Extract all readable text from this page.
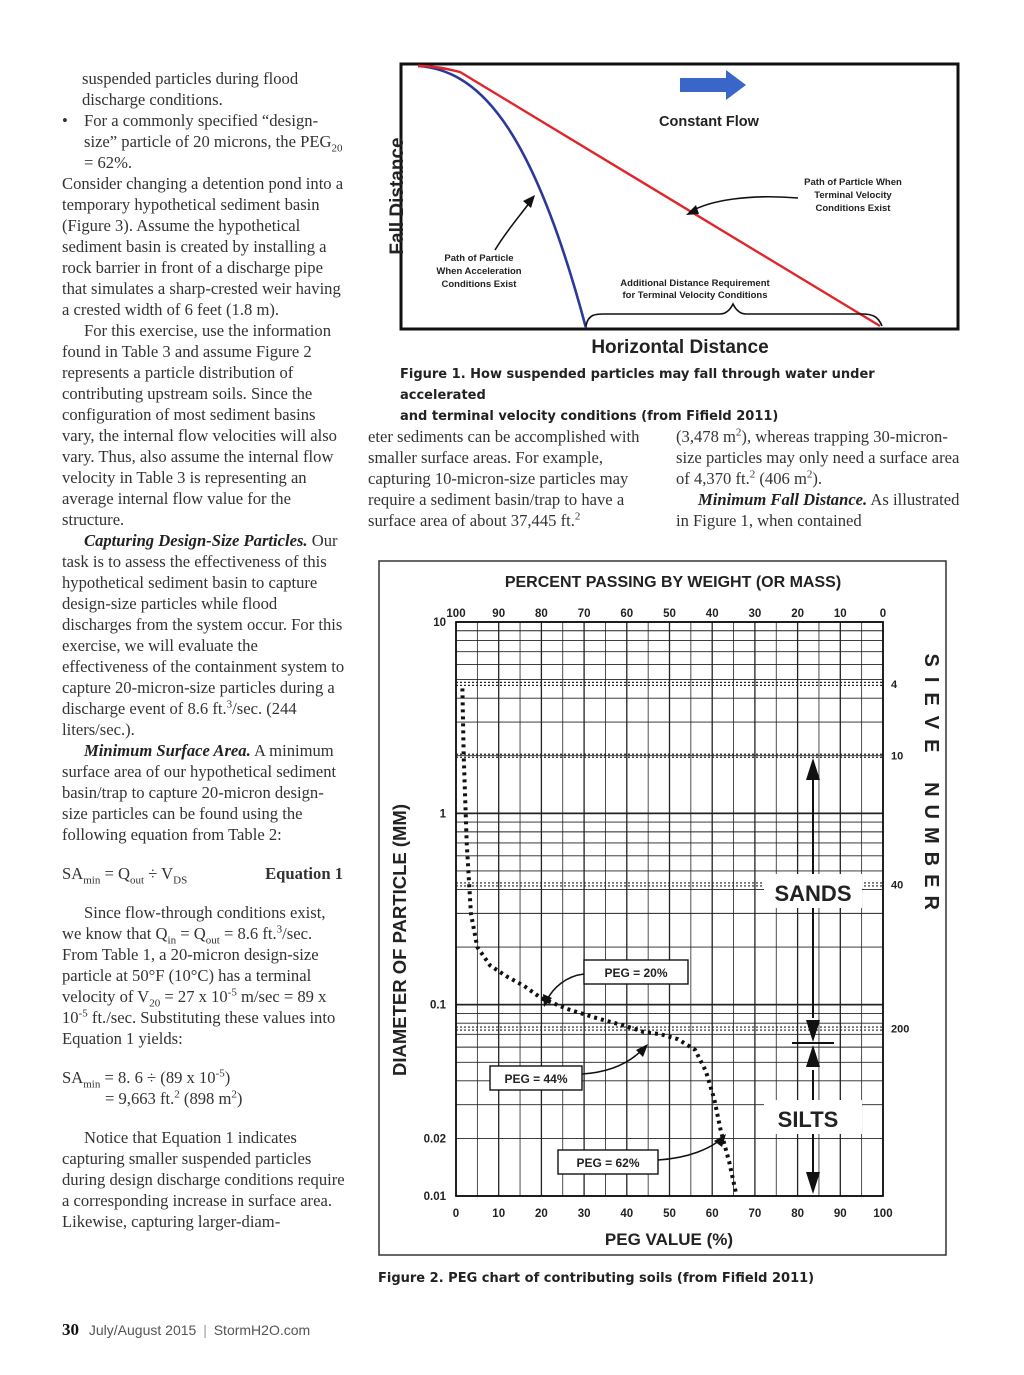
suspended particles during flood discharge conditions.

• For a commonly specified “design-size” particle of 20 microns, the $PEG_{20} = 62\%$.

Consider changing a detention pond into a temporary hypothetical sediment basin (Figure 3). Assume the hypothetical sediment basin is created by installing a rock barrier in front of a discharge pipe that simulates a sharp-crested weir having a crested width of 6 feet (1.8 m).

For this exercise, use the information found in Table 3 and assume Figure 2 represents a particle distribution of contributing upstream soils. Since the configuration of most sediment basins vary, the internal flow velocities will also vary. Thus, also assume the internal flow velocity in Table 3 is representing an average internal flow value for the structure.

Capturing Design-Size Particles. Our task is to assess the effectiveness of this hypothetical sediment basin to capture design-size particles while flood discharges from the system occur. For this exercise, we will evaluate the effectiveness of the containment system to capture 20-micron-size particles during a discharge event of 8.6 ft.$^3$/sec. (244 liters/sec.).

Minimum Surface Area. A minimum surface area of our hypothetical sediment basin/trap to capture 20-micron design-size particles can be found using the following equation from Table 2:

Equation 1
$SA_{min} = Q_{out} \div V_{DS}$

Since flow-through conditions exist, we know that $Q_{in} = Q_{out} = 8.6$ ft.$^3$/sec. From Table 1, a 20-micron design-size particle at 50°F (10°C) has a terminal velocity of $V_{20} = 27$ x $10^{-5}$ m/sec = 89 x $10^{-5}$ ft./sec. Substituting these values into Equation 1 yields:

$SA_{min} = 8$. 6 ÷ (89 x $10^{-5}$)
= 9,663 ft.$^2$ (898 $m^2$)

Notice that Equation 1 indicates capturing smaller suspended particles during design discharge conditions require a corresponding increase in surface area. Likewise, capturing larger-diam-

Constant Flow
Path of Particle When
Terminal Velocity
Conditions Exist
Path of Particle
When Acceleration
Conditions Exist	Additional Distance Requirement
for Terminal Velocity Conditions
Fall Distance
Horizontal Distance
Figure 1. How suspended particles may fall through water under accelerated
and terminal velocity conditions (from Fifield 2011)

eter sediments can be accomplished with smaller surface areas. For example, capturing 10-micron-size particles may require a sediment basin/trap to have a surface area of about 37,445 ft.$^2$

(3,478 $m^2$), whereas trapping 30-micron-size particles may only need a surface area of 4,370 ft.$^2$ (406 $m^2$).

Minimum Fall Distance. As illustrated in Figure 1, when contained

PERCENT PASSING BY WEIGHT (OR MASS)
DIAMETER OF PARTICLE (MM)
PEG VALUE (%)
0	10	20	30	40	50	60	70	80	90 100
100 90	80	70	60	50	40	30	20	10	0
10
1
0.1
0.02
0.01
4
10
40
200
SANDS
SILTS
PEG = 20%
PEG = 44%
PEG = 62%
SIEVE
NUMBER
Figure 2. PEG chart of contributing soils (from Fifield 2011)
30 July/August 2015 | StormH2O.com
